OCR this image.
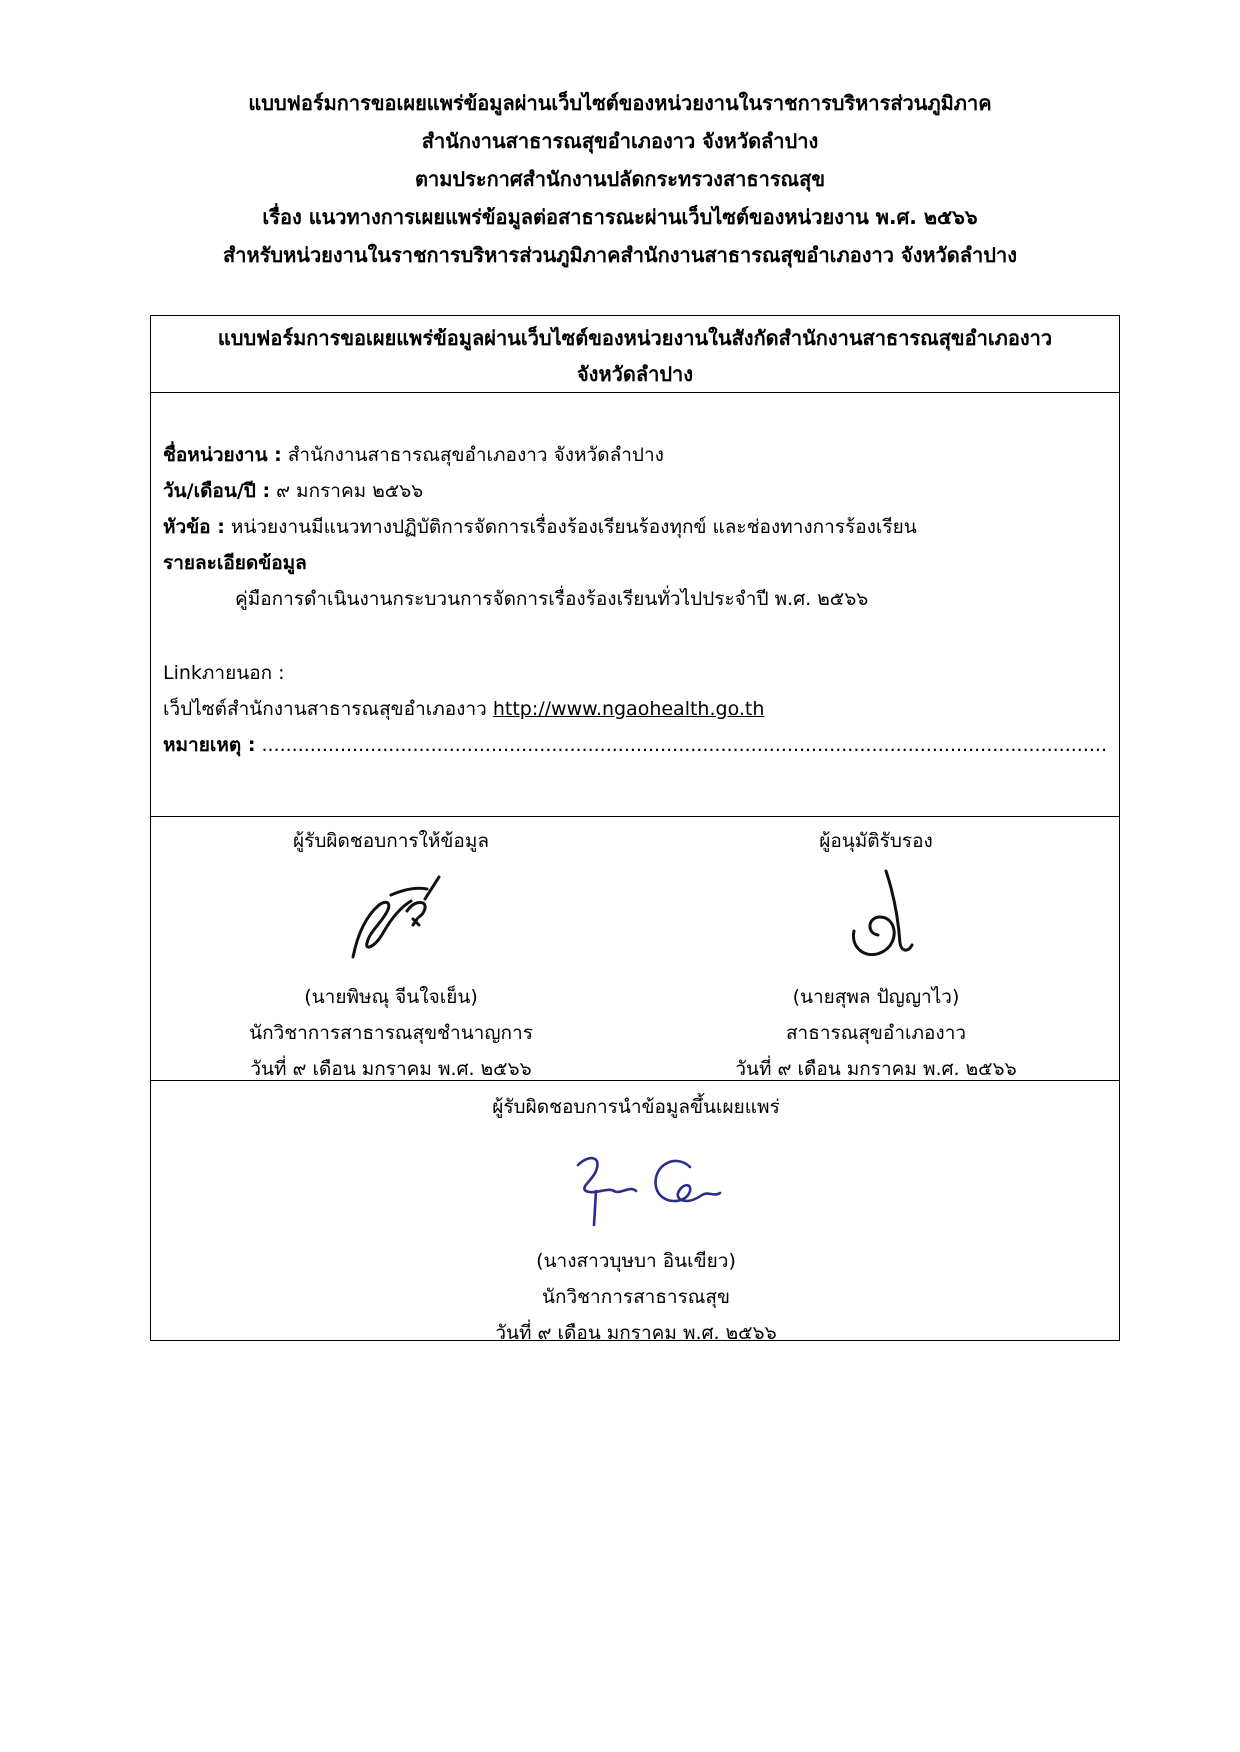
แบบฟอร์มการขอเผยแพร่ข้อมูลผ่านเว็บไซต์ของหน่วยงานในราชการบริหารส่วนภูมิภาค
สำนักงานสาธารณสุขอำเภองาว จังหวัดลำปาง
ตามประกาศสำนักงานปลัดกระทรวงสาธารณสุข
เรื่อง แนวทางการเผยแพร่ข้อมูลต่อสาธารณะผ่านเว็บไซต์ของหน่วยงาน พ.ศ. ๒๕๖๖
สำหรับหน่วยงานในราชการบริหารส่วนภูมิภาคสำนักงานสาธารณสุขอำเภองาว จังหวัดลำปาง
แบบฟอร์มการขอเผยแพร่ข้อมูลผ่านเว็บไซต์ของหน่วยงานในสังกัดสำนักงานสาธารณสุขอำเภองาว
จังหวัดลำปาง
ชื่อหน่วยงาน : สำนักงานสาธารณสุขอำเภองาว จังหวัดลำปาง
วัน/เดือน/ปี : ๙ มกราคม ๒๕๖๖
หัวข้อ : หน่วยงานมีแนวทางปฏิบัติการจัดการเรื่องร้องเรียนร้องทุกข์ และช่องทางการร้องเรียน
รายละเอียดข้อมูล
คู่มือการดำเนินงานกระบวนการจัดการเรื่องร้องเรียนทั่วไปประจำปี พ.ศ. ๒๕๖๖
Linkภายนอก :
เว็ปไซต์สำนักงานสาธารณสุขอำเภองาว http://www.ngaohealth.go.th
หมายเหตุ : ............................................................................................................................................
ผู้รับผิดชอบการให้ข้อมูล
(นายพิษณุ จีนใจเย็น)
นักวิชาการสาธารณสุขชำนาญการ
วันที่ ๙ เดือน มกราคม พ.ศ. ๒๕๖๖
ผู้อนุมัติรับรอง
(นายสุพล ปัญญาไว)
สาธารณสุขอำเภองาว
วันที่ ๙ เดือน มกราคม พ.ศ. ๒๕๖๖
ผู้รับผิดชอบการนำข้อมูลขึ้นเผยแพร่
(นางสาวบุษบา อินเขียว)
นักวิชาการสาธารณสุข
วันที่ ๙ เดือน มกราคม พ.ศ. ๒๕๖๖
